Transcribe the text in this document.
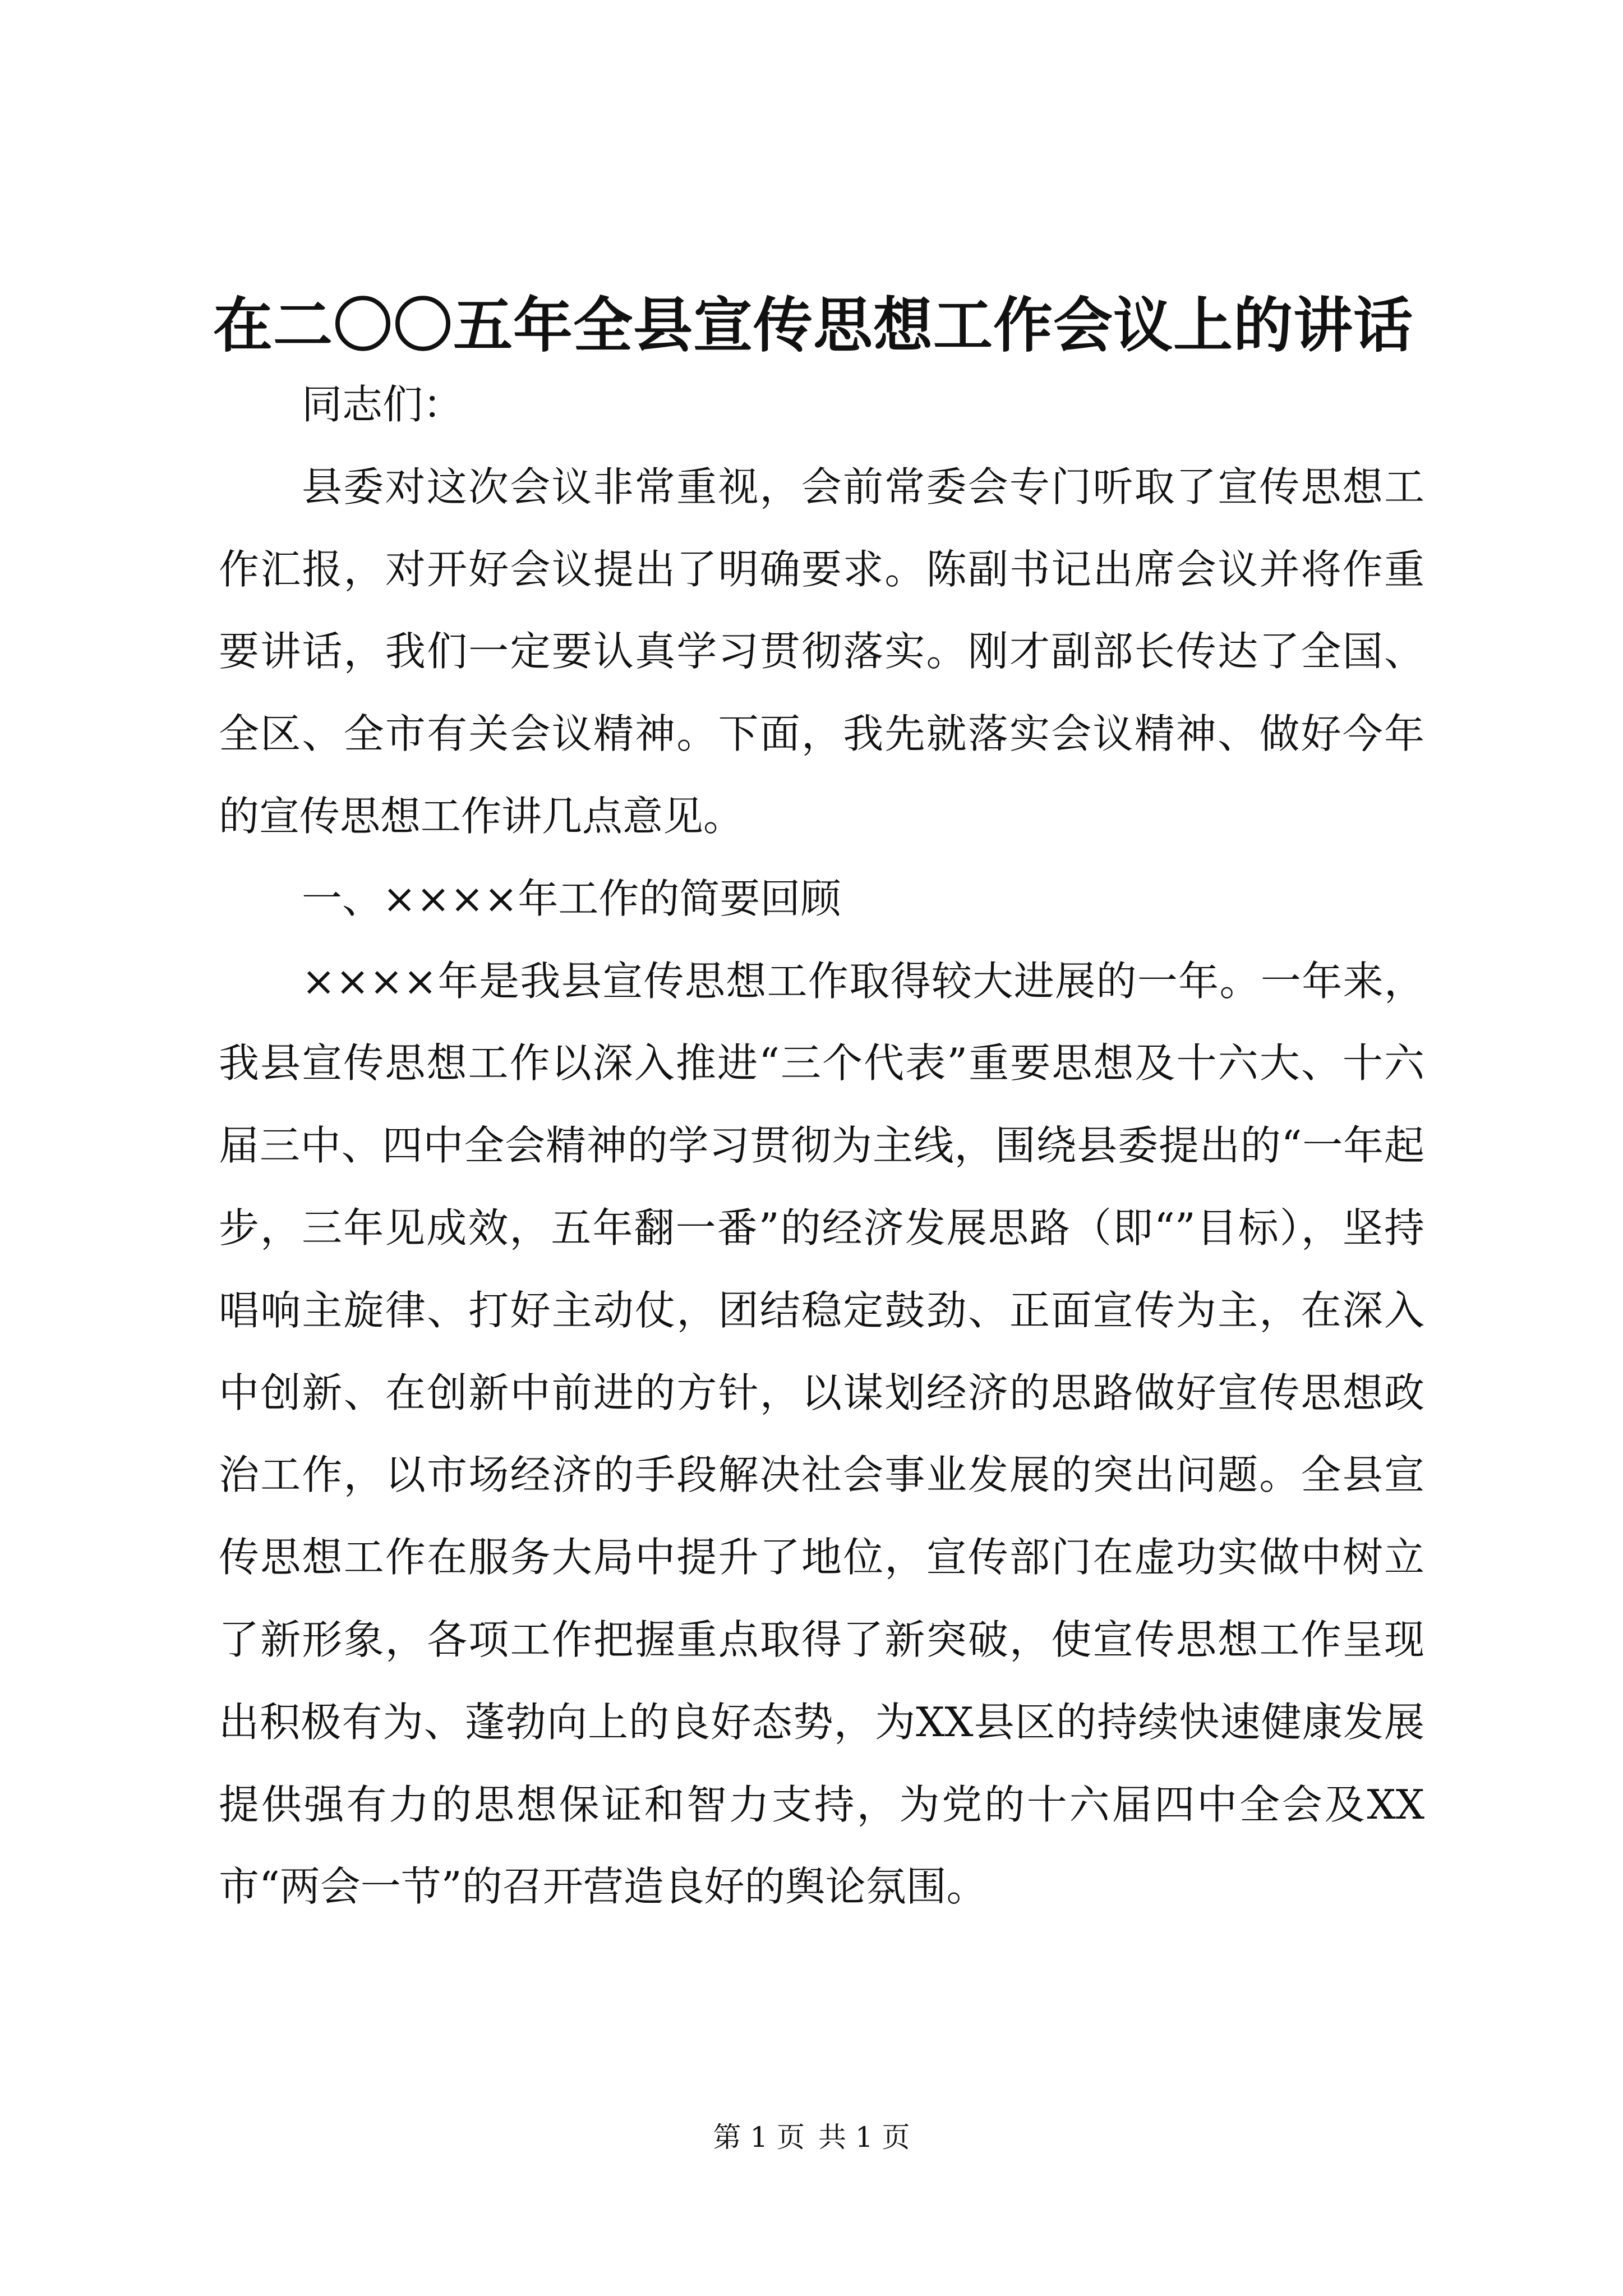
在二〇〇五年全县宣传思想工作会议上的讲话

同志们：

县委对这次会议非常重视，会前常委会专门听取了宣传思想工作汇报，对开好会议提出了明确要求。陈副书记出席会议并将作重要讲话，我们一定要认真学习贯彻落实。刚才副部长传达了全国、全区、全市有关会议精神。下面，我先就落实会议精神、做好今年的宣传思想工作讲几点意见。

一、××××年工作的简要回顾

××××年是我县宣传思想工作取得较大进展的一年。一年来，我县宣传思想工作以深入推进“三个代表”重要思想及十六大、十六届三中、四中全会精神的学习贯彻为主线，围绕县委提出的“一年起步，三年见成效，五年翻一番”的经济发展思路（即“”目标），坚持唱响主旋律、打好主动仗，团结稳定鼓劲、正面宣传为主，在深入中创新、在创新中前进的方针，以谋划经济的思路做好宣传思想政治工作，以市场经济的手段解决社会事业发展的突出问题。全县宣传思想工作在服务大局中提升了地位，宣传部门在虚功实做中树立了新形象，各项工作把握重点取得了新突破，使宣传思想工作呈现出积极有为、蓬勃向上的良好态势，为XX县区的持续快速健康发展提供强有力的思想保证和智力支持，为党的十六届四中全会及XX市“两会一节”的召开营造良好的舆论氛围。

第 1 页 共 1 页
